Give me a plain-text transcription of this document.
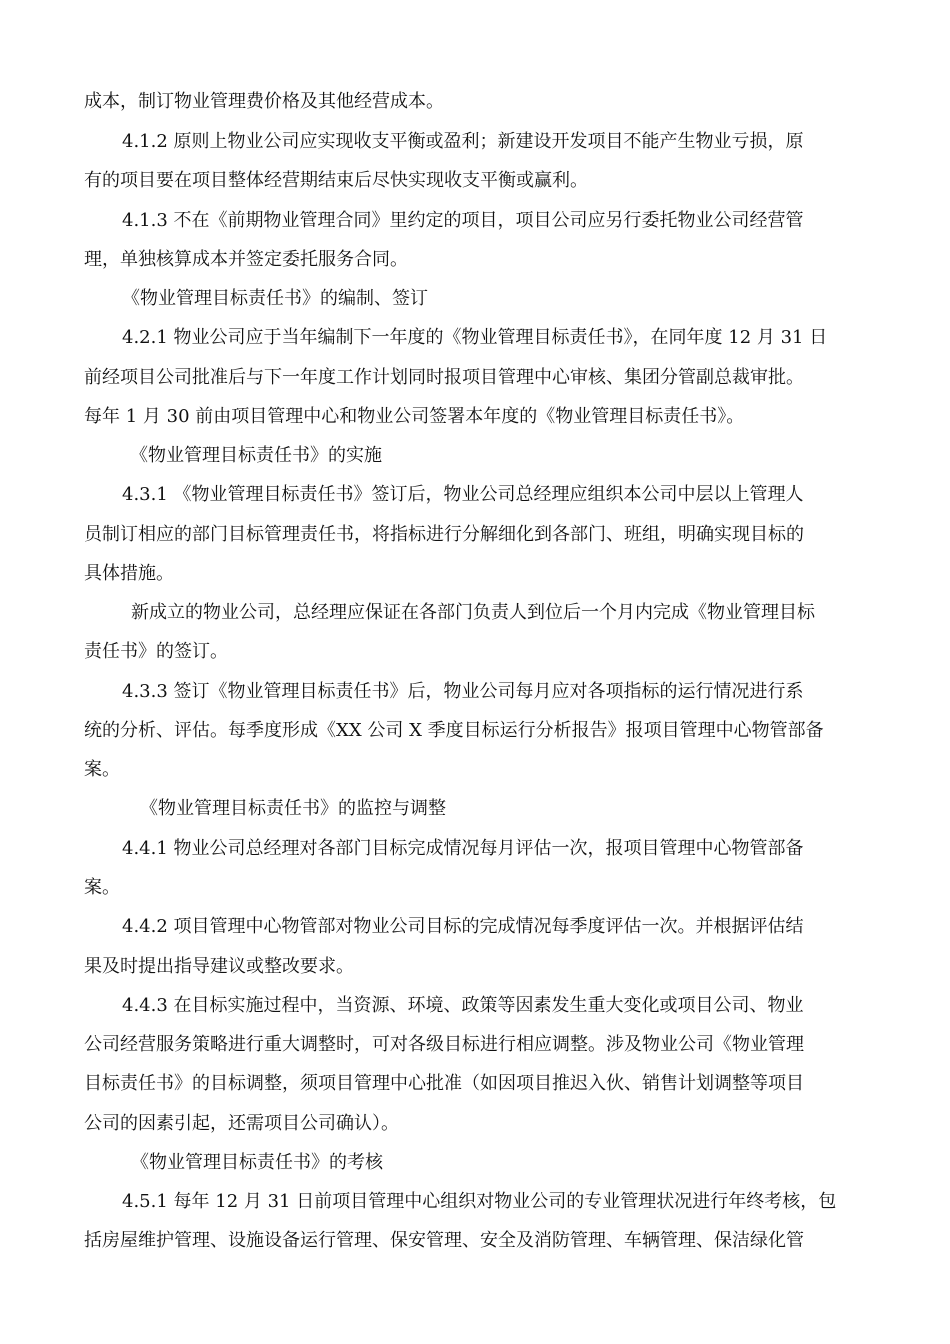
成本，制订物业管理费价格及其他经营成本。
4.1.2 原则上物业公司应实现收支平衡或盈利；新建设开发项目不能产生物业亏损，原
有的项目要在项目整体经营期结束后尽快实现收支平衡或赢利。
4.1.3 不在《前期物业管理合同》里约定的项目，项目公司应另行委托物业公司经营管
理，单独核算成本并签定委托服务合同。
《物业管理目标责任书》的编制、签订
4.2.1 物业公司应于当年编制下一年度的《物业管理目标责任书》，在同年度 12 月 31 日
前经项目公司批准后与下一年度工作计划同时报项目管理中心审核、集团分管副总裁审批。
每年 1 月 30 前由项目管理中心和物业公司签署本年度的《物业管理目标责任书》。
《物业管理目标责任书》的实施
4.3.1 《物业管理目标责任书》签订后，物业公司总经理应组织本公司中层以上管理人
员制订相应的部门目标管理责任书，将指标进行分解细化到各部门、班组，明确实现目标的
具体措施。
新成立的物业公司，总经理应保证在各部门负责人到位后一个月内完成《物业管理目标
责任书》的签订。
4.3.3 签订《物业管理目标责任书》后，物业公司每月应对各项指标的运行情况进行系
统的分析、评估。每季度形成《XX 公司 X 季度目标运行分析报告》报项目管理中心物管部备
案。
《物业管理目标责任书》的监控与调整
4.4.1 物业公司总经理对各部门目标完成情况每月评估一次，报项目管理中心物管部备
案。
4.4.2 项目管理中心物管部对物业公司目标的完成情况每季度评估一次。并根据评估结
果及时提出指导建议或整改要求。
4.4.3 在目标实施过程中，当资源、环境、政策等因素发生重大变化或项目公司、物业
公司经营服务策略进行重大调整时，可对各级目标进行相应调整。涉及物业公司《物业管理
目标责任书》的目标调整，须项目管理中心批准（如因项目推迟入伙、销售计划调整等项目
公司的因素引起，还需项目公司确认）。
《物业管理目标责任书》的考核
4.5.1 每年 12 月 31 日前项目管理中心组织对物业公司的专业管理状况进行年终考核，包
括房屋维护管理、设施设备运行管理、保安管理、安全及消防管理、车辆管理、保洁绿化管
